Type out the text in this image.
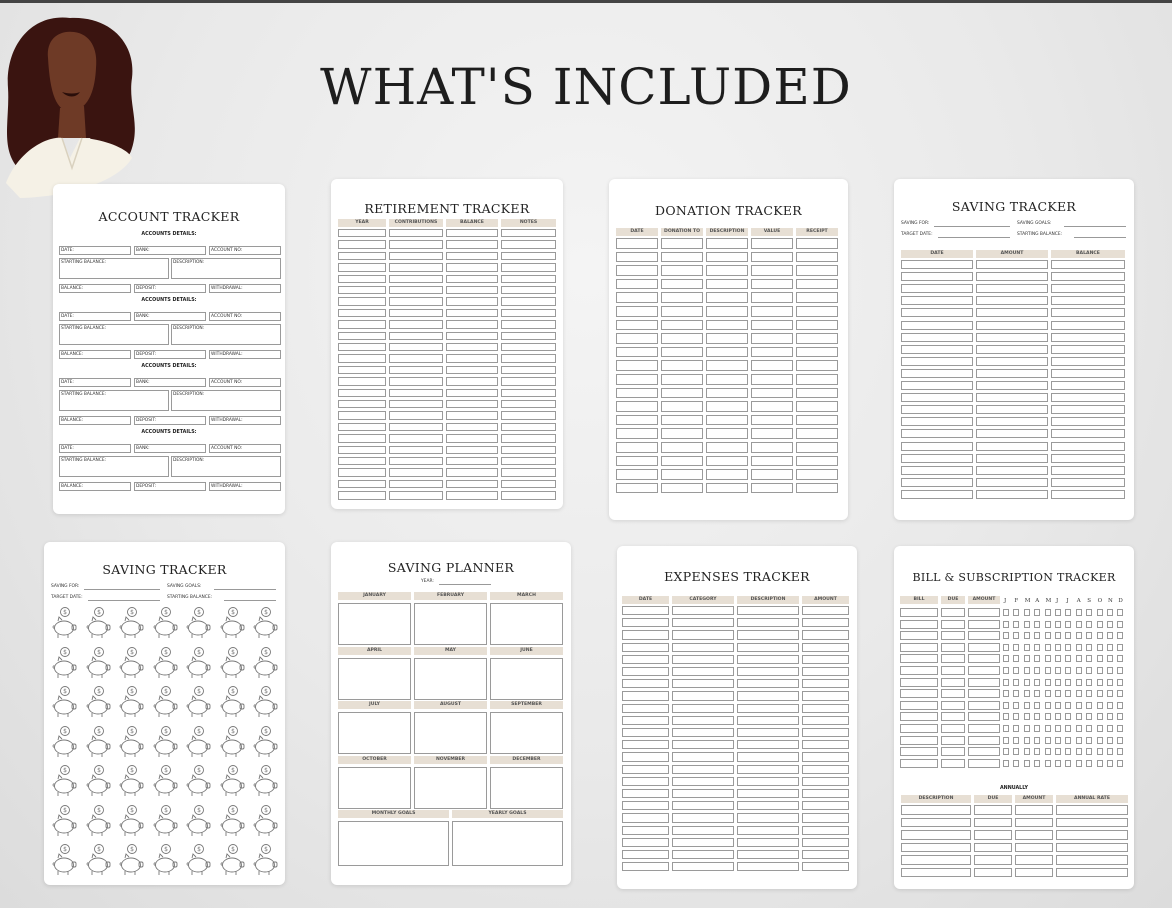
WHAT'S INCLUDED
ACCOUNT TRACKER
ACCOUNTS DETAILS:
DATE:	BANK:	ACCOUNT NO:
STARTING BALANCE:	DESCRIPTION:
BALANCE:	DEPOSIT:	WITHDRAWAL:
ACCOUNTS DETAILS:
DATE:	BANK:	ACCOUNT NO:
STARTING BALANCE:	DESCRIPTION:
BALANCE:	DEPOSIT:	WITHDRAWAL:
ACCOUNTS DETAILS:
DATE:	BANK:	ACCOUNT NO:
STARTING BALANCE:	DESCRIPTION:
BALANCE:	DEPOSIT:	WITHDRAWAL:
ACCOUNTS DETAILS:
DATE:	BANK:	ACCOUNT NO:
STARTING BALANCE:	DESCRIPTION:
BALANCE:	DEPOSIT:	WITHDRAWAL:
RETIREMENT TRACKER
YEAR	CONTRIBUTIONS	BALANCE	NOTES
DONATION TRACKER
DATE	DONATION TO	DESCRIPTION	VALUE	RECEIPT
SAVING TRACKER
SAVING FOR:	SAVING GOALS:
TARGET DATE:	STARTING BALANCE:
DATE	AMOUNT	BALANCE
SAVING TRACKER
SAVING FOR:	SAVING GOALS:
TARGET DATE:	STARTING BALANCE:
$	$	$	$	$	$	$
$	$	$	$	$	$	$
$	$	$	$	$	$	$
$	$	$	$	$	$	$
$	$	$	$	$	$	$
$	$	$	$	$	$	$
$	$	$	$	$	$	$
SAVING PLANNER
YEAR:
JANUARY	FEBRUARY	MARCH
APRIL	MAY	JUNE
JULY	AUGUST	SEPTEMBER
OCTOBER	NOVEMBER	DECEMBER
MONTHLY GOALS	YEARLY GOALS
EXPENSES TRACKER
DATE	CATEGORY	DESCRIPTION	AMOUNT
BILL & SUBSCRIPTION TRACKER
BILL	DUE	AMOUNT	J F M A M J J A S O N D
ANNUALLY
DESCRIPTION	DUE	AMOUNT	ANNUAL RATE
